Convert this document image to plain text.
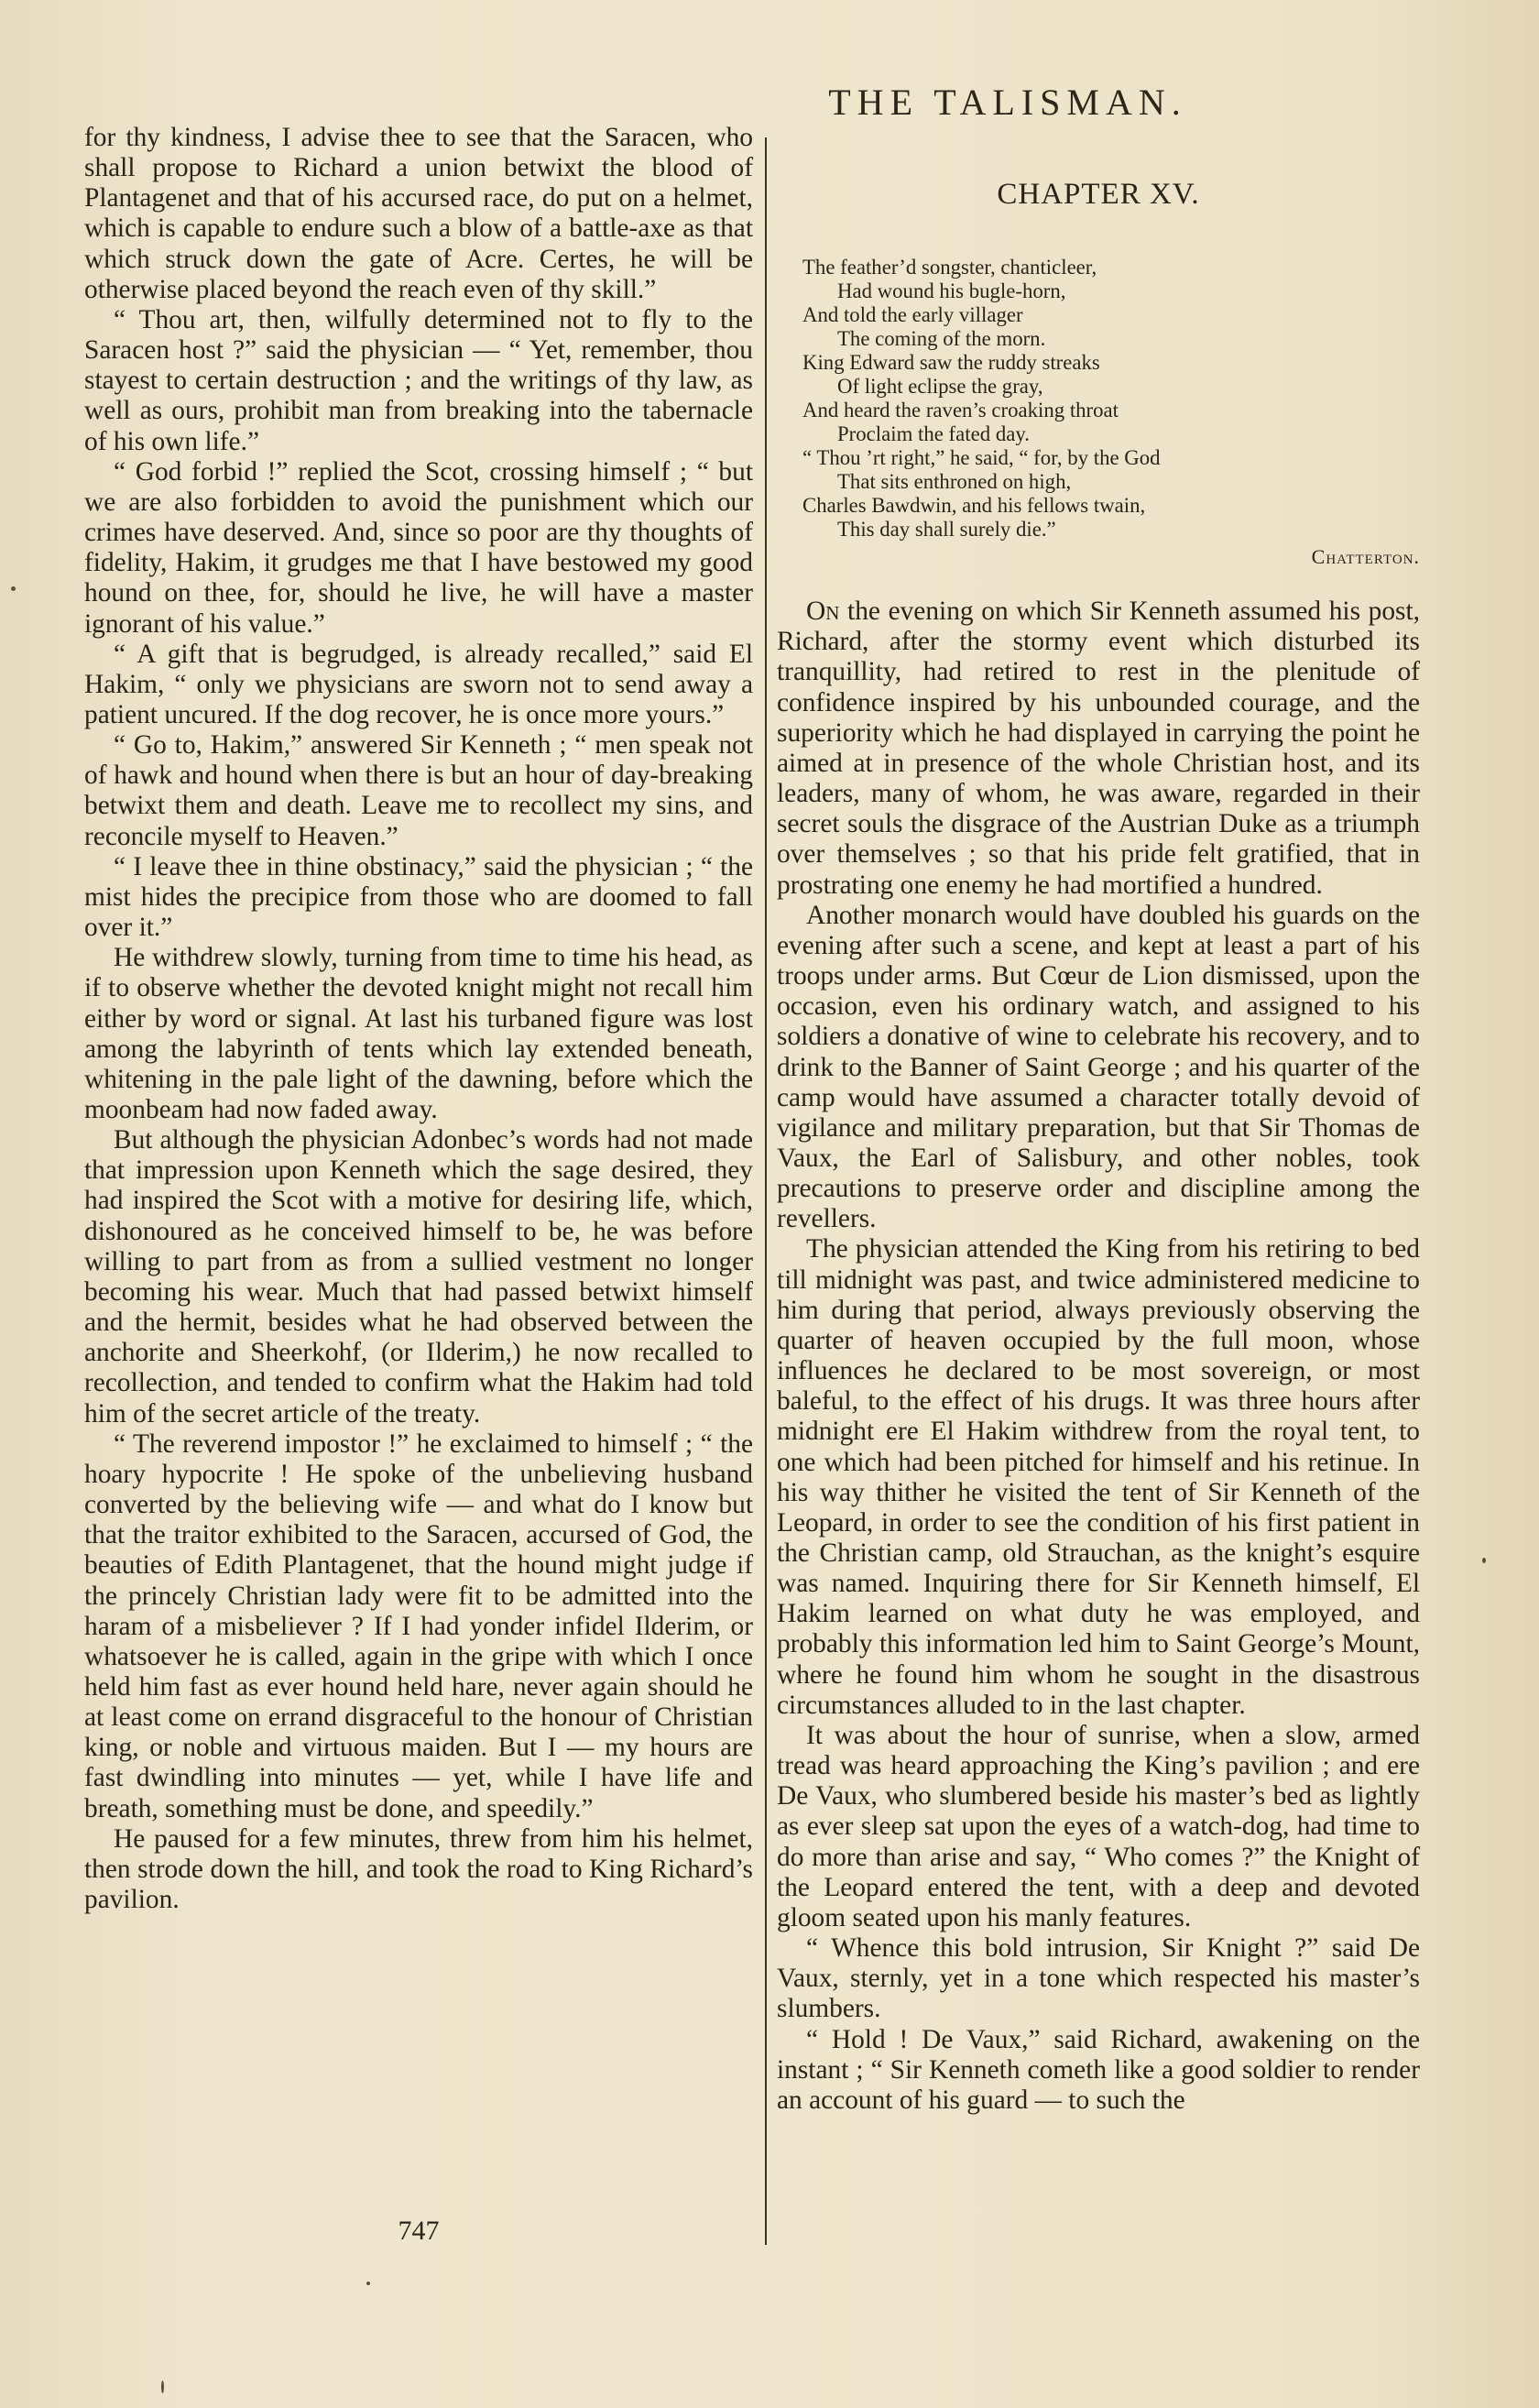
THE TALISMAN.

for thy kindness, I advise thee to see that the Saracen, who shall propose to Richard a union betwixt the blood of Plantagenet and that of his accursed race, do put on a helmet, which is capable to endure such a blow of a battle-axe as that which struck down the gate of Acre. Certes, he will be otherwise placed beyond the reach even of thy skill.”

“ Thou art, then, wilfully determined not to fly to the Saracen host ?” said the physician — “ Yet, remember, thou stayest to certain destruction ; and the writings of thy law, as well as ours, prohibit man from breaking into the tabernacle of his own life.”

“ God forbid !” replied the Scot, crossing himself ; “ but we are also forbidden to avoid the punishment which our crimes have deserved. And, since so poor are thy thoughts of fidelity, Hakim, it grudges me that I have bestowed my good hound on thee, for, should he live, he will have a master ignorant of his value.”

“ A gift that is begrudged, is already recalled,” said El Hakim, “ only we physicians are sworn not to send away a patient uncured. If the dog recover, he is once more yours.”

“ Go to, Hakim,” answered Sir Kenneth ; “ men speak not of hawk and hound when there is but an hour of day-breaking betwixt them and death. Leave me to recollect my sins, and reconcile myself to Heaven.”

“ I leave thee in thine obstinacy,” said the physician ; “ the mist hides the precipice from those who are doomed to fall over it.”

He withdrew slowly, turning from time to time his head, as if to observe whether the devoted knight might not recall him either by word or signal. At last his turbaned figure was lost among the labyrinth of tents which lay extended beneath, whitening in the pale light of the dawning, before which the moonbeam had now faded away.

But although the physician Adonbec’s words had not made that impression upon Kenneth which the sage desired, they had inspired the Scot with a motive for desiring life, which, dishonoured as he conceived himself to be, he was before willing to part from as from a sullied vestment no longer becoming his wear. Much that had passed betwixt himself and the hermit, besides what he had observed between the anchorite and Sheerkohf, (or Ilderim,) he now recalled to recollection, and tended to confirm what the Hakim had told him of the secret article of the treaty.

“ The reverend impostor !” he exclaimed to himself ; “ the hoary hypocrite ! He spoke of the unbelieving husband converted by the believing wife — and what do I know but that the traitor exhibited to the Saracen, accursed of God, the beauties of Edith Plantagenet, that the hound might judge if the princely Christian lady were fit to be admitted into the haram of a misbeliever ? If I had yonder infidel Ilderim, or whatsoever he is called, again in the gripe with which I once held him fast as ever hound held hare, never again should he at least come on errand disgraceful to the honour of Christian king, or noble and virtuous maiden. But I — my hours are fast dwindling into minutes — yet, while I have life and breath, something must be done, and speedily.”

He paused for a few minutes, threw from him his helmet, then strode down the hill, and took the road to King Richard’s pavilion.

747
CHAPTER XV.
The feather’d songster, chanticleer,
Had wound his bugle-horn,
And told the early villager
The coming of the morn.
King Edward saw the ruddy streaks
Of light eclipse the gray,
And heard the raven’s croaking throat
Proclaim the fated day.
“ Thou ’rt right,” he said, “ for, by the God
That sits enthroned on high,
Charles Bawdwin, and his fellows twain,
This day shall surely die.”
Chatterton.

On the evening on which Sir Kenneth assumed his post, Richard, after the stormy event which disturbed its tranquillity, had retired to rest in the plenitude of confidence inspired by his unbounded courage, and the superiority which he had displayed in carrying the point he aimed at in presence of the whole Christian host, and its leaders, many of whom, he was aware, regarded in their secret souls the disgrace of the Austrian Duke as a triumph over themselves ; so that his pride felt gratified, that in prostrating one enemy he had mortified a hundred.

Another monarch would have doubled his guards on the evening after such a scene, and kept at least a part of his troops under arms. But Cœur de Lion dismissed, upon the occasion, even his ordinary watch, and assigned to his soldiers a donative of wine to celebrate his recovery, and to drink to the Banner of Saint George ; and his quarter of the camp would have assumed a character totally devoid of vigilance and military preparation, but that Sir Thomas de Vaux, the Earl of Salisbury, and other nobles, took precautions to preserve order and discipline among the revellers.

The physician attended the King from his retiring to bed till midnight was past, and twice administered medicine to him during that period, always previously observing the quarter of heaven occupied by the full moon, whose influences he declared to be most sovereign, or most baleful, to the effect of his drugs. It was three hours after midnight ere El Hakim withdrew from the royal tent, to one which had been pitched for himself and his retinue. In his way thither he visited the tent of Sir Kenneth of the Leopard, in order to see the condition of his first patient in the Christian camp, old Strauchan, as the knight’s esquire was named. Inquiring there for Sir Kenneth himself, El Hakim learned on what duty he was employed, and probably this information led him to Saint George’s Mount, where he found him whom he sought in the disastrous circumstances alluded to in the last chapter.

It was about the hour of sunrise, when a slow, armed tread was heard approaching the King’s pavilion ; and ere De Vaux, who slumbered beside his master’s bed as lightly as ever sleep sat upon the eyes of a watch-dog, had time to do more than arise and say, “ Who comes ?” the Knight of the Leopard entered the tent, with a deep and devoted gloom seated upon his manly features.

“ Whence this bold intrusion, Sir Knight ?” said De Vaux, sternly, yet in a tone which respected his master’s slumbers.

“ Hold ! De Vaux,” said Richard, awakening on the instant ; “ Sir Kenneth cometh like a good soldier to render an account of his guard — to such the
